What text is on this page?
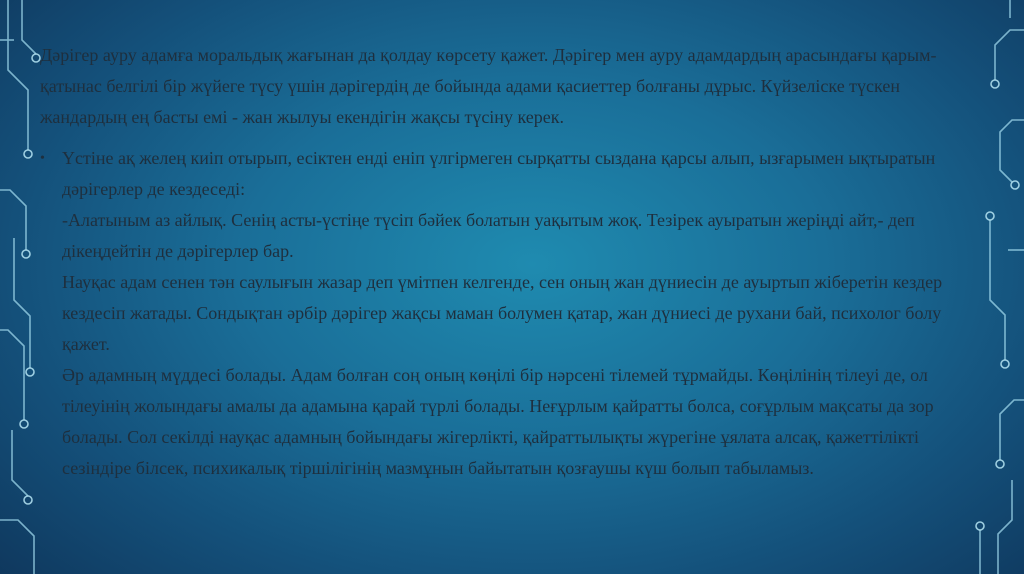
Дәрігер ауру адамға моральдық жағынан да қолдау көрсету қажет. Дәрігер мен ауру адамдардың арасындағы қарым-қатынас белгілі бір жүйеге түсу үшін дәрігердің де бойында адами қасиеттер болғаны дұрыс. Күйзеліске түскен жандардың ең басты емі - жан жылуы екендігін жақсы түсіну керек.

• Үстіне ақ желең киіп отырып, есіктен енді еніп үлгірмеген сырқатты сыздана қарсы алып, ызғарымен ықтыратын дәрігерлер де кездеседі:
-Алатыным аз айлық. Сенің асты-үстіңе түсіп бәйек болатын уақытым жоқ. Тезірек ауыратын жеріңді айт,- деп дікеңдейтін де дәрігерлер бар.
Науқас адам сенен тән саулығын жазар деп үмітпен келгенде, сен оның жан дүниесін де ауыртып жіберетін кездер кездесіп жатады. Сондықтан әрбір дәрігер жақсы маман болумен қатар, жан дүниесі де рухани бай, психолог болу қажет.
Әр адамның мүддесі болады. Адам болған соң оның көңілі бір нәрсені тілемей тұрмайды. Көңілінің тілеуі де, ол тілеуінің жолындағы амалы да адамына қарай түрлі болады. Неғұрлым қайратты болса, соғұрлым мақсаты да зор болады. Сол секілді науқас адамның бойындағы жігерлікті, қайраттылықты жүрегіне ұялата алсақ, қажеттілікті сезіндіре білсек, психикалық тіршілігінің мазмұнын байытатын қозғаушы күш болып табыламыз.
